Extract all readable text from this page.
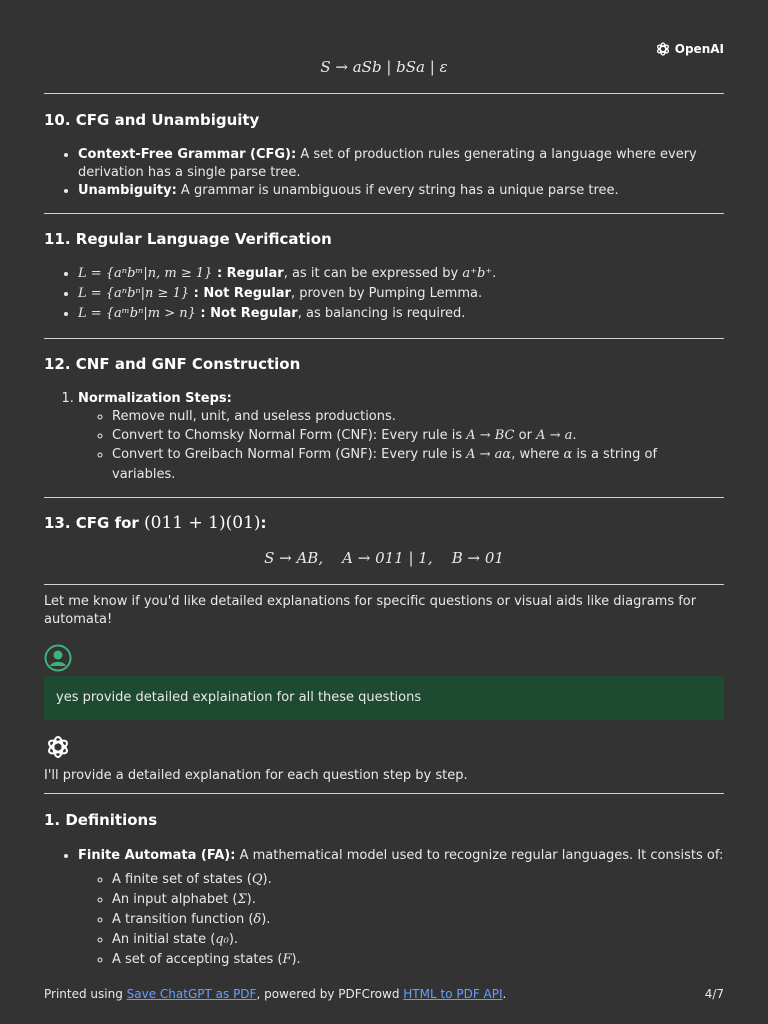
OpenAI
S → aSb | bSa | ε
10. CFG and Unambiguity
• Context-Free Grammar (CFG): A set of production rules generating a language where every derivation has a single parse tree.
• Unambiguity: A grammar is unambiguous if every string has a unique parse tree.
11. Regular Language Verification
• L = {aⁿbᵐ|n, m ≥ 1} : Regular, as it can be expressed by a⁺b⁺.
• L = {aⁿbⁿ|n ≥ 1} : Not Regular, proven by Pumping Lemma.
• L = {aᵐbⁿ|m > n} : Not Regular, as balancing is required.
12. CNF and GNF Construction
1. Normalization Steps:
◦ Remove null, unit, and useless productions.
◦ Convert to Chomsky Normal Form (CNF): Every rule is A → BC or A → a.
◦ Convert to Greibach Normal Form (GNF): Every rule is A → aα, where α is a string of variables.
13. CFG for (011 + 1)(01):
S → AB,    A → 011 | 1,    B → 01

Let me know if you'd like detailed explanations for specific questions or visual aids like diagrams for automata!

yes provide detailed explaination for all these questions

I'll provide a detailed explanation for each question step by step.

1. Definitions
• Finite Automata (FA): A mathematical model used to recognize regular languages. It consists of:
◦ A finite set of states (Q).
◦ An input alphabet (Σ).
◦ A transition function (δ).
◦ An initial state (q₀).
◦ A set of accepting states (F).
Printed using Save ChatGPT as PDF, powered by PDFCrowd HTML to PDF API.	4/7
